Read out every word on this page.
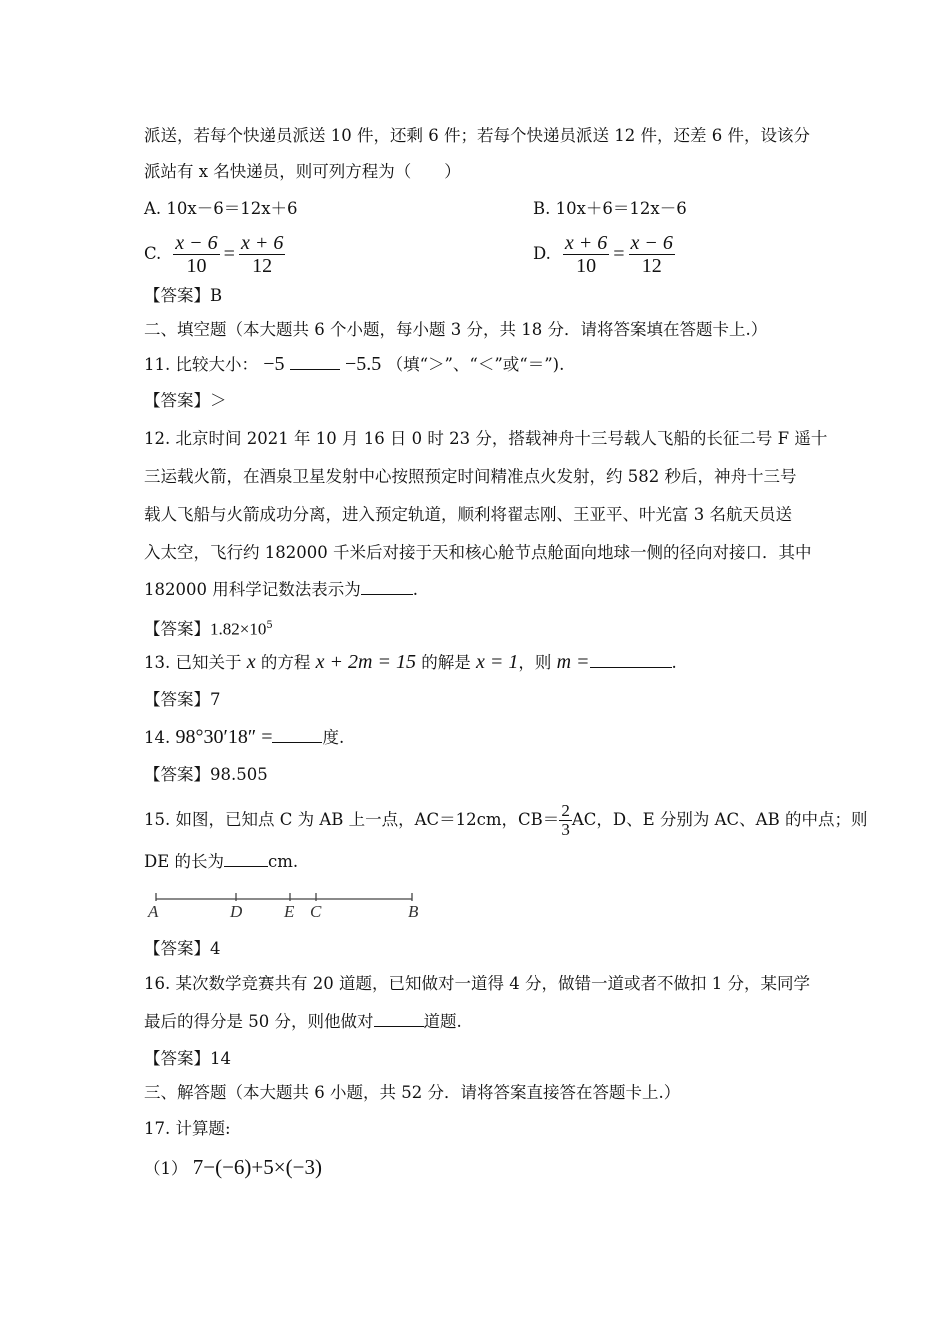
派送，若每个快递员派送 10 件，还剩 6 件；若每个快递员派送 12 件，还差 6 件，设该分
派站有 x 名快递员，则可列方程为（　　）
A. 10x－6＝12x＋6	B. 10x＋6＝12x－6
C. $\frac{x - 6}{10} = \frac{x + 6}{12}$	D. $\frac{x + 6}{10} = \frac{x - 6}{12}$
【答案】B
二、填空题（本大题共 6 个小题，每小题 3 分，共 18 分．请将答案填在答题卡上.）
11. 比较大小： −5	−5.5 （填“＞”、“＜”或“＝”).
【答案】＞
12. 北京时间 2021 年 10 月 16 日 0 时 23 分，搭载神舟十三号载人飞船的长征二号 F 遥十
三运载火箭，在酒泉卫星发射中心按照预定时间精准点火发射，约 582 秒后，神舟十三号
载人飞船与火箭成功分离，进入预定轨道，顺利将翟志刚、王亚平、叶光富 3 名航天员送
入太空，飞行约 182000 千米后对接于天和核心舱节点舱面向地球一侧的径向对接口．其中
182000 用科学记数法表示为	.
【答案】$1.82\times 10^5$
13. 已知关于 x 的方程 x + 2m = 15 的解是 x = 1，则 m =	.
【答案】7
14. 98°30′18″ =	度.
【答案】98.505
15. 如图，已知点 C 为 AB 上一点，AC＝12cm，$CB= \frac{2}{3}$ AC，D、E 分别为 AC、AB 的中点；则
DE 的长为	cm.
A	D E C	B
【答案】4
16. 某次数学竞赛共有 20 道题，已知做对一道得 4 分，做错一道或者不做扣 1 分，某同学
最后的得分是 50 分，则他做对	道题.
【答案】14
三、解答题（本大题共 6 小题，共 52 分．请将答案直接答在答题卡上.）
17. 计算题:
（1） 7−(−6)+5×(−3)
